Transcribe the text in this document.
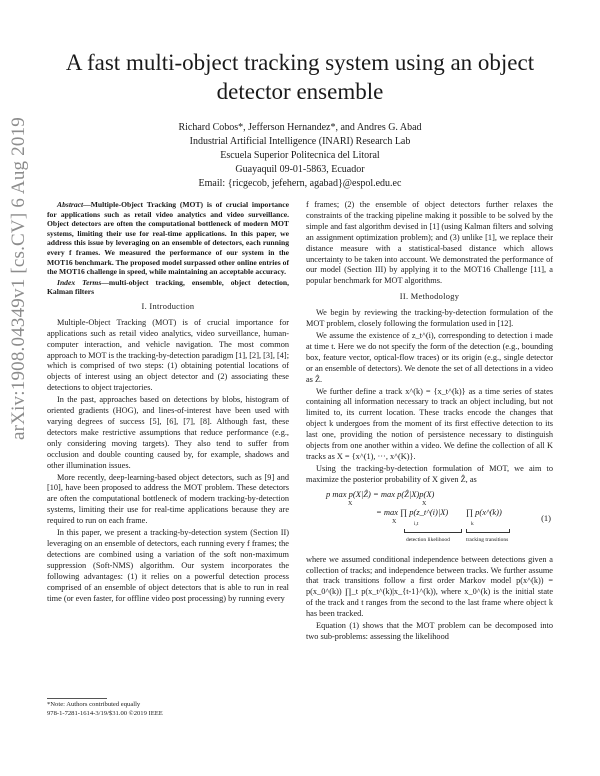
A fast multi-object tracking system using an object
detector ensemble
Richard Cobos*, Jefferson Hernandez*, and Andres G. Abad
Industrial Artificial Intelligence (INARI) Research Lab
Escuela Superior Politecnica del Litoral
Guayaquil 09-01-5863, Ecuador
Email: {ricgecob, jefehern, agabad}@espol.edu.ec
arXiv:1908.04349v1 [cs.CV] 6 Aug 2019	Abstract—Multiple-Object Tracking (MOT) is of crucial importance for applications such as retail video analytics and video surveillance. Object detectors are often the computational bottleneck of modern MOT systems, limiting their use for real-time applications. In this paper, we address this issue by leveraging on an ensemble of detectors, each running every f frames. We measured the performance of our system in the MOT16 benchmark. The proposed model surpassed other online entries of the MOT16 challenge in speed, while maintaining an acceptable accuracy.

Index Terms—multi-object tracking, ensemble, object detection, Kalman filters

I. Introduction

Multiple-Object Tracking (MOT) is of crucial importance for applications such as retail video analytics, video surveillance, human-computer interaction, and vehicle navigation. The most common approach to MOT is the tracking-by-detection paradigm [1], [2], [3], [4]; which is comprised of two steps: (1) obtaining potential locations of objects of interest using an object detector and (2) associating these detections to object trajectories.

In the past, approaches based on detections by blobs, histogram of oriented gradients (HOG), and lines-of-interest have been used with varying degrees of success [5], [6], [7], [8]. Although fast, these detectors make restrictive assumptions that reduce performance (e.g., only considering moving targets). They also tend to suffer from occlusion and double counting caused by, for example, shadows and other illumination issues.

More recently, deep-learning-based object detectors, such as [9] and [10], have been proposed to address the MOT problem. These detectors are often the computational bottleneck of modern tracking-by-detection systems, limiting their use for real-time applications because they are required to run on each frame.

In this paper, we present a tracking-by-detection system (Section II) leveraging on an ensemble of detectors, each running every f frames; the detections are combined using a variation of the soft non-maximum suppression (Soft-NMS) algorithm. Our system incorporates the following advantages: (1) it relies on a powerful detection process comprised of an ensemble of object detectors that is able to run in real time (or even faster, for offline video post processing) by running every

*Note: Authors contributed equally
978-1-7281-1614-3/19/$31.00 ©2019 IEEE

f frames; (2) the ensemble of object detectors further relaxes the constraints of the tracking pipeline making it possible to be solved by the simple and fast algorithm devised in [1] (using Kalman filters and solving an assignment optimization problem); and (3) unlike [1], we replace their distance measure with a statistical-based distance which allows uncertainty to be taken into account. We demonstrated the performance of our model (Section III) by applying it to the MOT16 Challenge [11], a popular benchmark for MOT algorithms.

II. Methodology

We begin by reviewing the tracking-by-detection formulation of the MOT problem, closely following the formulation used in [12].

We assume the existence of z_t^(i), corresponding to detection i made at time t. Here we do not specify the form of the detection (e.g., bounding box, feature vector, optical-flow traces) or its origin (e.g., single detector or an ensemble of detectors). We denote the set of all detections in a video as Ẑ.

We further define a track x^(k) = {x_t^(k)} as a time series of states containing all information necessary to track an object including, but not limited to, its current location. These tracks encode the changes that object k undergoes from the moment of its first effective detection to its last one, providing the notion of persistence necessary to distinguish objects from one another within a video. We define the collection of all K tracks as X = {x^(1), ···, x^(K)}.

Using the tracking-by-detection formulation of MOT, we aim to maximize the posterior probability of X given Ẑ, as

p max p(X|Ẑ) = max p(Ẑ|X)p(X)
X	X
= max ∏ p(z_t^(i)|X) ∏ p(x^(k))
X	i,t	k
detection likelihood	tracking transitions
(1)

where we assumed conditional independence between detections given a collection of tracks; and independence between tracks. We further assume that track transitions follow a first order Markov model p(x^(k)) = p(x_0^(k)) ∏_t p(x_t^(k)|x_{t-1}^(k)), where x_0^(k) is the initial state of the track and t ranges from the second to the last frame where object k has been tracked.

Equation (1) shows that the MOT problem can be decomposed into two sub-problems: assessing the likelihood
